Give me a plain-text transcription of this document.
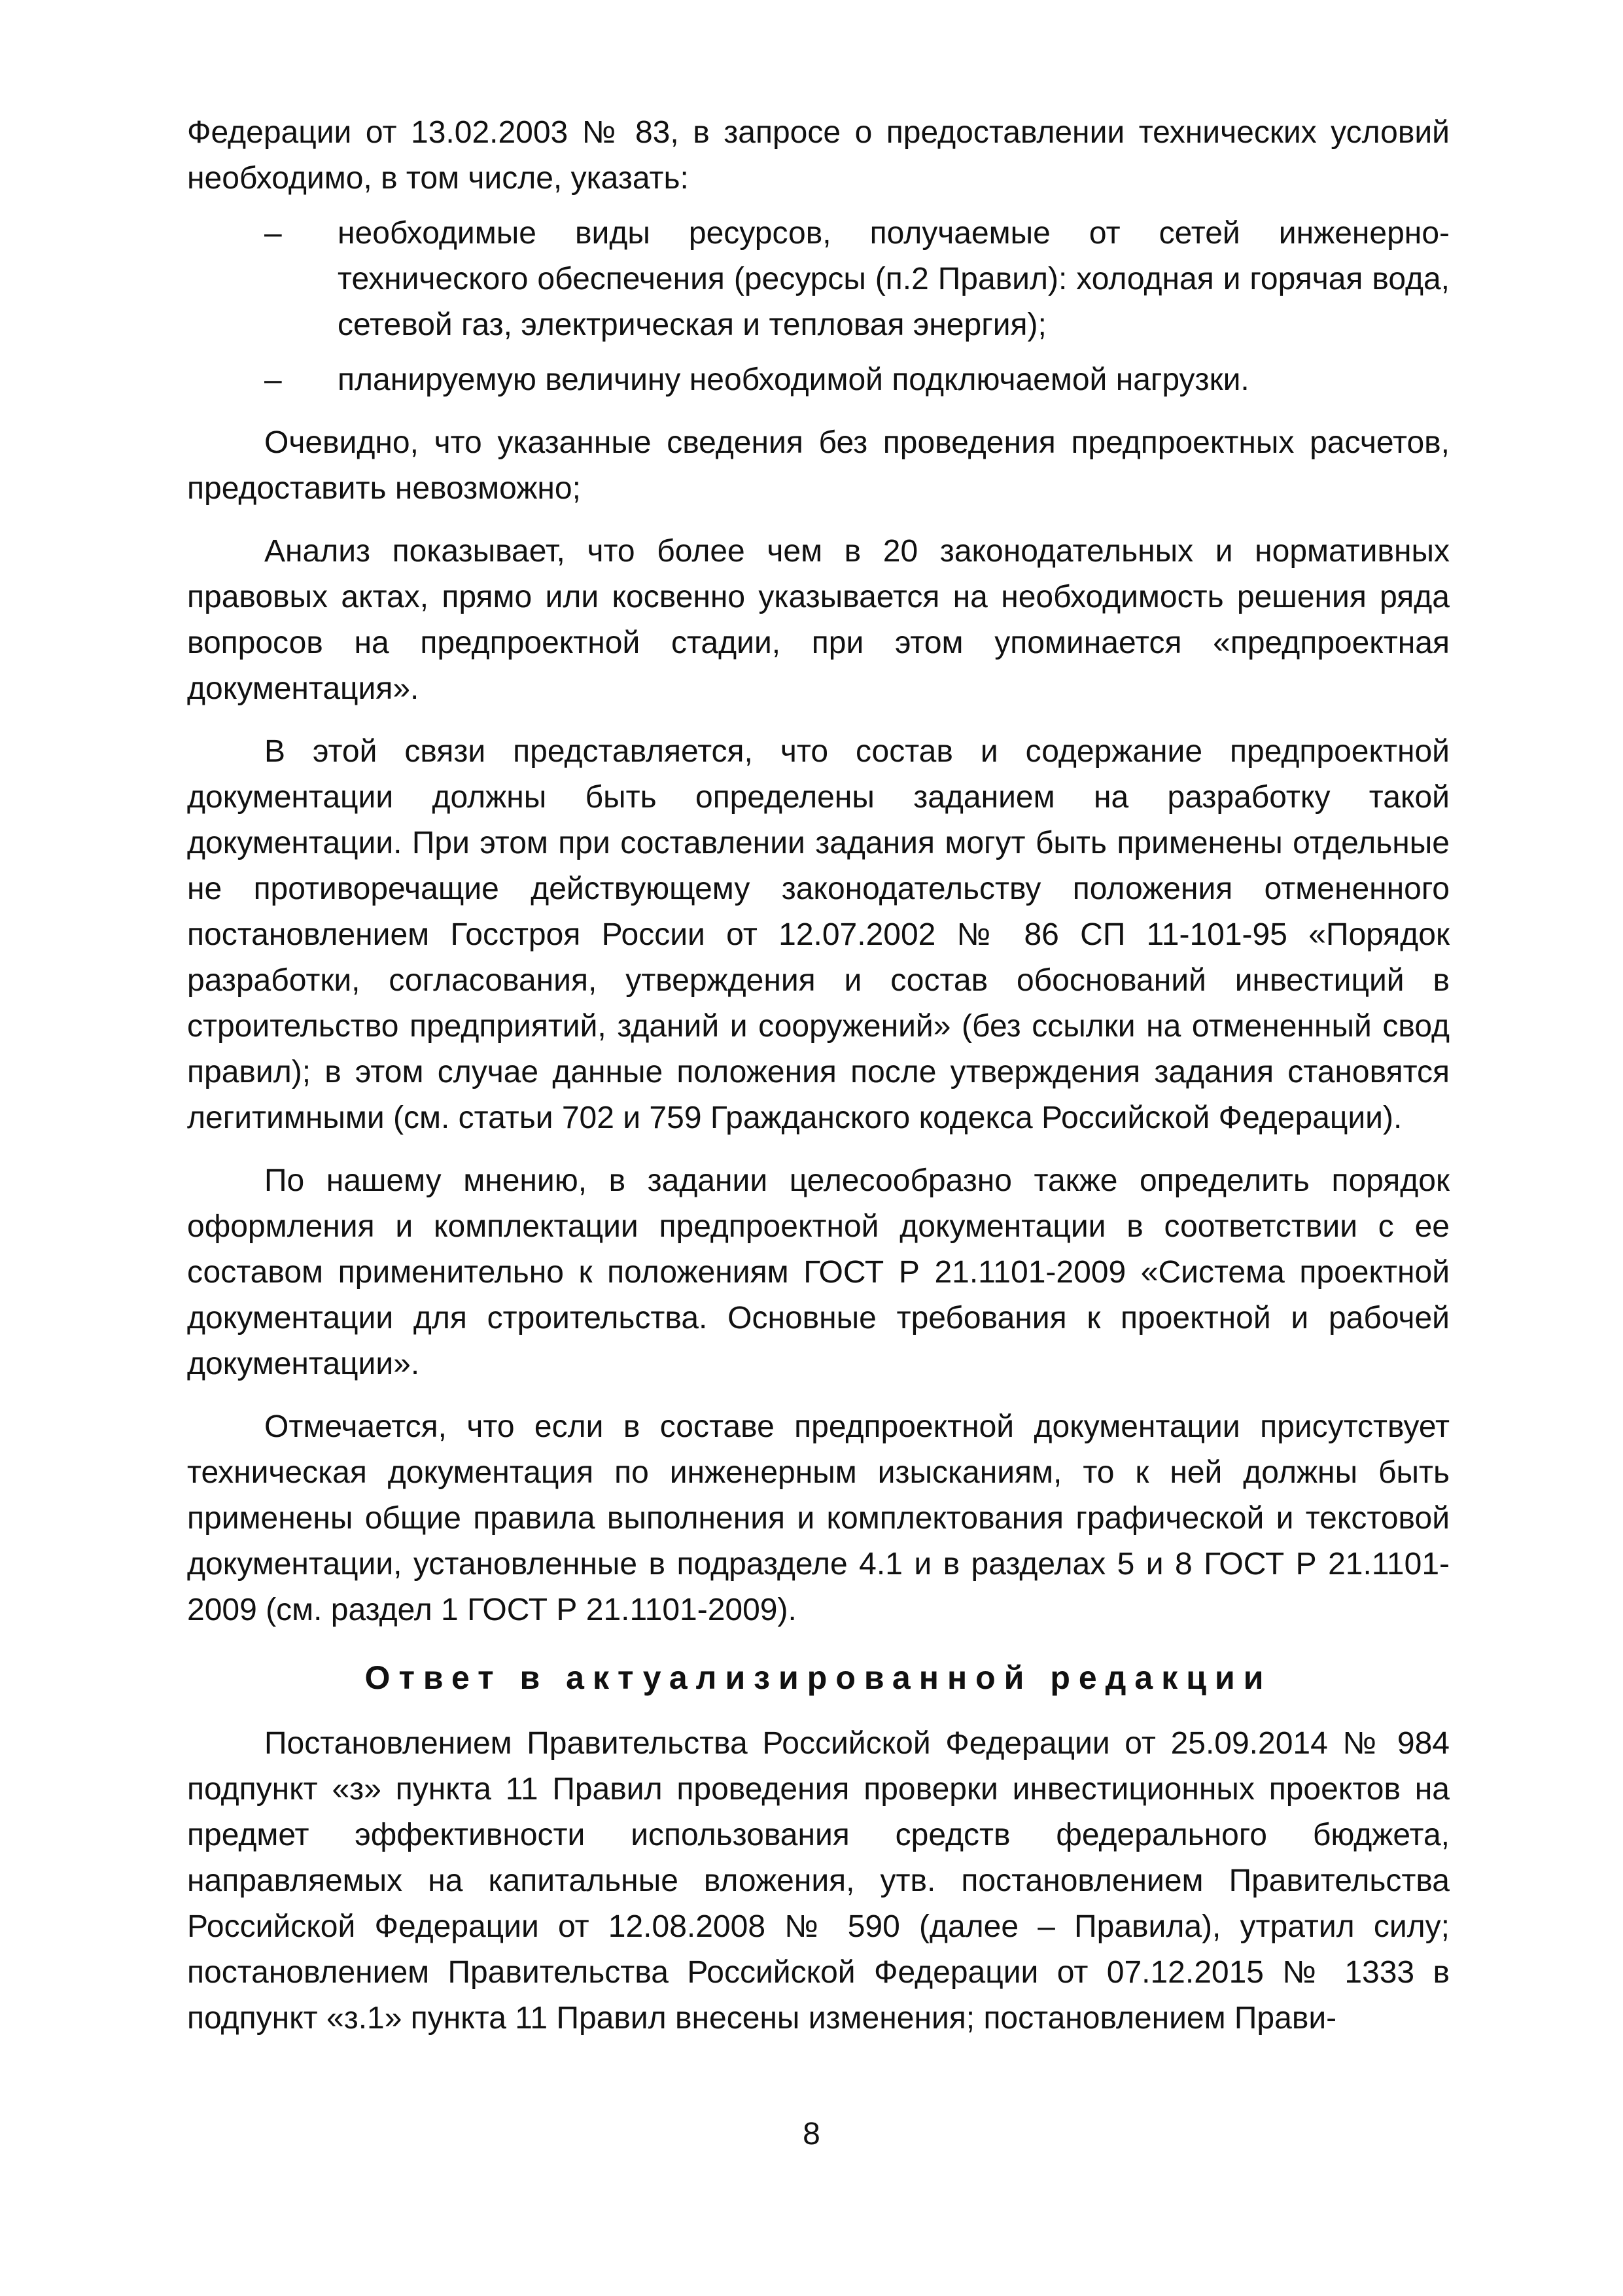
Федерации от 13.02.2003 № 83, в запросе о предоставлении технических условий необходимо, в том числе, указать:

–	необходимые виды ресурсов, получаемые от сетей инженерно-технического обеспечения (ресурсы (п.2 Правил): холодная и горячая вода, сетевой газ, электрическая и тепловая энергия);
–	планируемую величину необходимой подключаемой нагрузки.

Очевидно, что указанные сведения без проведения предпроектных расчетов, предоставить невозможно;

Анализ показывает, что более чем в 20 законодательных и нормативных правовых актах, прямо или косвенно указывается на необходимость решения ряда вопросов на предпроектной стадии, при этом упоминается «предпроектная документация».

В этой связи представляется, что состав и содержание предпроектной документации должны быть определены заданием на разработку такой документации. При этом при составлении задания могут быть применены отдельные не противоречащие действующему законодательству положения отмененного постановлением Госстроя России от 12.07.2002 № 86 СП 11-101-95 «Порядок разработки, согласования, утверждения и состав обоснований инвестиций в строительство предприятий, зданий и сооружений» (без ссылки на отмененный свод правил); в этом случае данные положения после утверждения задания становятся легитимными (см. статьи 702 и 759 Гражданского кодекса Российской Федерации).

По нашему мнению, в задании целесообразно также определить порядок оформления и комплектации предпроектной документации в соответствии с ее составом применительно к положениям ГОСТ Р 21.1101-2009 «Система проектной документации для строительства. Основные требования к проектной и рабочей документации».

Отмечается, что если в составе предпроектной документации присутствует техническая документация по инженерным изысканиям, то к ней должны быть применены общие правила выполнения и комплектования графической и текстовой документации, установленные в подразделе 4.1 и в разделах 5 и 8 ГОСТ Р 21.1101-2009 (см. раздел 1 ГОСТ Р 21.1101-2009).

Ответ в актуализированной редакции

Постановлением Правительства Российской Федерации от 25.09.2014 № 984 подпункт «з» пункта 11 Правил проведения проверки инвестиционных проектов на предмет эффективности использования средств федерального бюджета, направляемых на капитальные вложения, утв. постановлением Правительства Российской Федерации от 12.08.2008 № 590 (далее – Правила), утратил силу; постановлением Правительства Российской Федерации от 07.12.2015 № 1333 в подпункт «з.1» пункта 11 Правил внесены изменения; постановлением Прави-

8
